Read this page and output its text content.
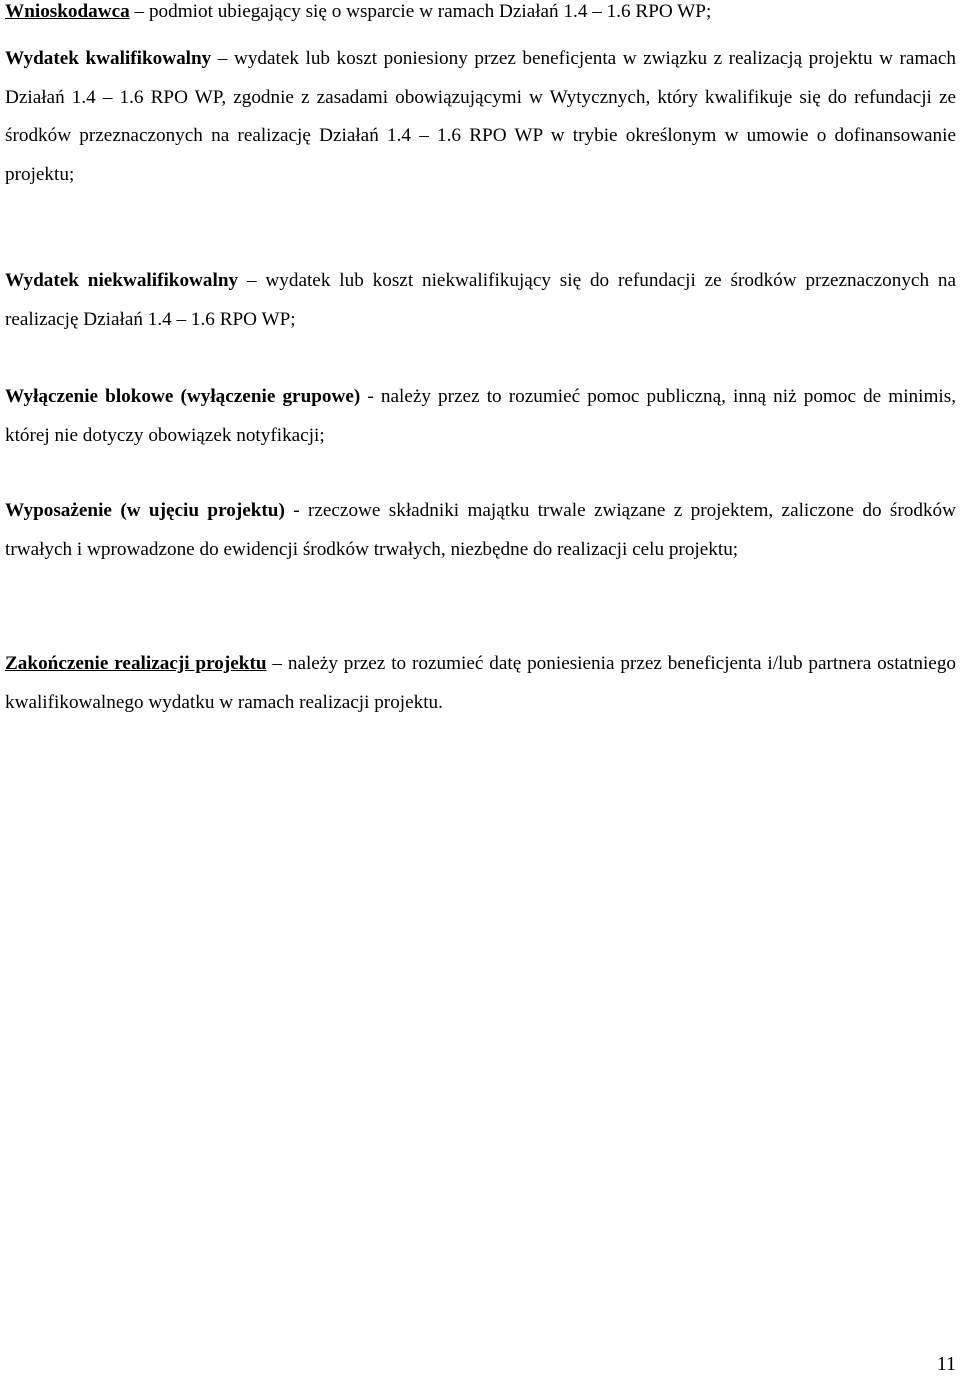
Wnioskodawca – podmiot ubiegający się o wsparcie w ramach Działań 1.4 – 1.6 RPO WP;

Wydatek kwalifikowalny – wydatek lub koszt poniesiony przez beneficjenta w związku z realizacją projektu w ramach Działań 1.4 – 1.6 RPO WP, zgodnie z zasadami obowiązującymi w Wytycznych, który kwalifikuje się do refundacji ze środków przeznaczonych na realizację Działań 1.4 – 1.6 RPO WP w trybie określonym w umowie o dofinansowanie projektu;

Wydatek niekwalifikowalny – wydatek lub koszt niekwalifikujący się do refundacji ze środków przeznaczonych na realizację Działań 1.4 – 1.6 RPO WP;

Wyłączenie blokowe (wyłączenie grupowe) - należy przez to rozumieć pomoc publiczną, inną niż pomoc de minimis, której nie dotyczy obowiązek notyfikacji;

Wyposażenie (w ujęciu projektu) - rzeczowe składniki majątku trwale związane z projektem, zaliczone do środków trwałych i wprowadzone do ewidencji środków trwałych, niezbędne do realizacji celu projektu;

Zakończenie realizacji projektu – należy przez to rozumieć datę poniesienia przez beneficjenta i/lub partnera ostatniego kwalifikowalnego wydatku w ramach realizacji projektu.

11
